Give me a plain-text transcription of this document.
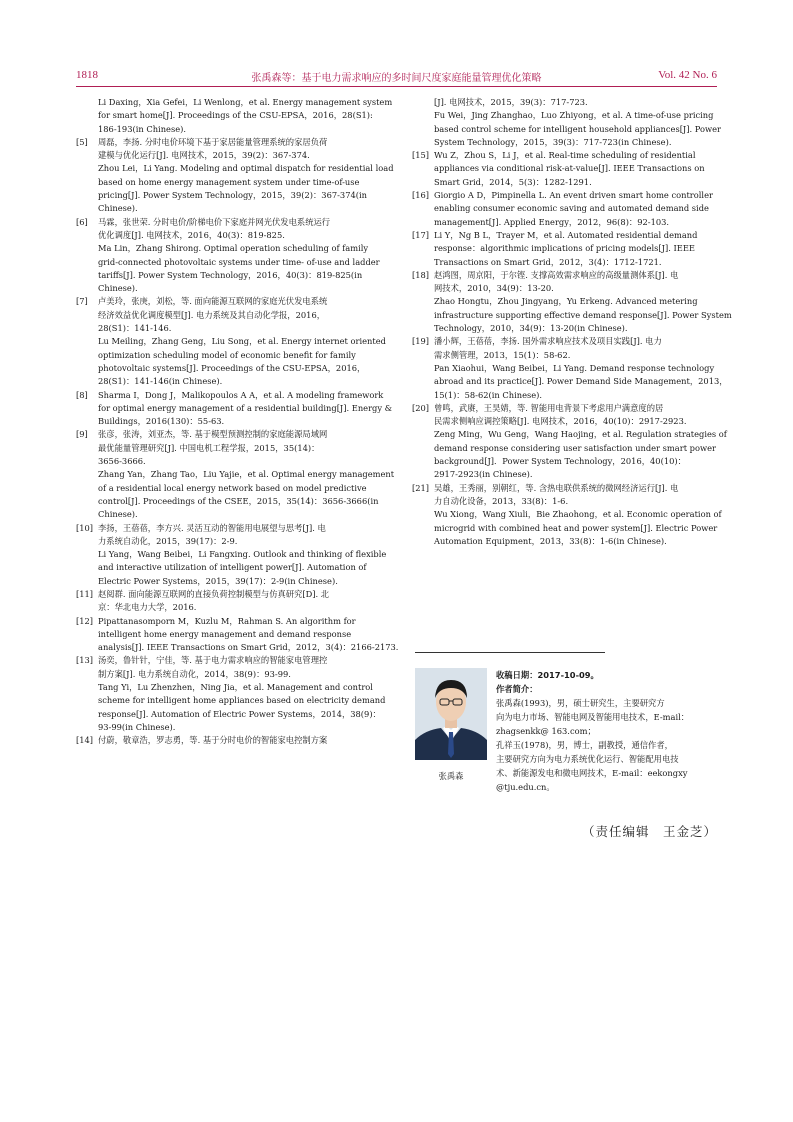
1818	张禹森等：基于电力需求响应的多时间尺度家庭能量管理优化策略	Vol. 42 No. 6
Li Daxing，Xia Gefei，Li Wenlong，et al. Energy management system
for smart home[J]. Proceedings of the CSU-EPSA，2016，28(S1):
186-193(in Chinese).
[5]	周磊，李扬. 分时电价环境下基于家居能量管理系统的家居负荷
建模与优化运行[J]. 电网技术，2015，39(2)：367-374.
Zhou Lei，Li Yang. Modeling and optimal dispatch for residential load
based on home energy management system under time-of-use
pricing[J]. Power System Technology，2015，39(2)：367-374(in
Chinese).
[6]	马霖，张世荣. 分时电价/阶梯电价下家庭并网光伏发电系统运行
优化调度[J]. 电网技术，2016，40(3)：819-825.
Ma Lin，Zhang Shirong. Optimal operation scheduling of family
grid-connected photovoltaic systems under time- of-use and ladder
tariffs[J]. Power System Technology，2016，40(3)：819-825(in
Chinese).
[7]	卢美玲，张庚，刘松，等. 面向能源互联网的家庭光伏发电系统
经济效益优化调度模型[J]. 电力系统及其自动化学报，2016，
28(S1)：141-146.
Lu Meiling，Zhang Geng，Liu Song，et al. Energy internet oriented
optimization scheduling model of economic benefit for family
photovoltaic systems[J]. Proceedings of the CSU-EPSA，2016，
28(S1)：141-146(in Chinese).
[8]	Sharma I，Dong J，Malikopoulos A A，et al. A modeling framework
for optimal energy management of a residential building[J]. Energy &
Buildings，2016(130)：55-63.
[9]	张彦，张涛，刘亚杰，等. 基于模型预测控制的家庭能源局域网
最优能量管理研究[J]. 中国电机工程学报，2015，35(14)：
3656-3666.
Zhang Yan，Zhang Tao，Liu Yajie，et al. Optimal energy management
of a residential local energy network based on model predictive
control[J]. Proceedings of the CSEE，2015，35(14)：3656-3666(in
Chinese).
[10] 李扬，王蓓蓓，李方兴. 灵活互动的智能用电展望与思考[J]. 电
力系统自动化，2015，39(17)：2-9.
Li Yang，Wang Beibei，Li Fangxing. Outlook and thinking of flexible
and interactive utilization of intelligent power[J]. Automation of
Electric Power Systems，2015，39(17)：2-9(in Chinese).
[11] 赵阅群. 面向能源互联网的直接负荷控制模型与仿真研究[D]. 北
京：华北电力大学，2016.
[12] Pipattanasomporn M，Kuzlu M，Rahman S. An algorithm for
intelligent home energy management and demand response
analysis[J]. IEEE Transactions on Smart Grid，2012，3(4)：2166-2173.
[13] 汤奕，鲁针针，宁佳，等. 基于电力需求响应的智能家电管理控
制方案[J]. 电力系统自动化，2014，38(9)：93-99.
Tang Yi，Lu Zhenzhen，Ning Jia，et al. Management and control
scheme for intelligent home appliances based on electricity demand
response[J]. Automation of Electric Power Systems，2014，38(9)：
93-99(in Chinese).
[14] 付蔚，敬章浩，罗志勇，等. 基于分时电价的智能家电控制方案
[J]. 电网技术，2015，39(3)：717-723.
Fu Wei，Jing Zhanghao，Luo Zhiyong，et al. A time-of-use pricing
based control scheme for intelligent household appliances[J]. Power
System Technology，2015，39(3)：717-723(in Chinese).
[15] Wu Z，Zhou S，Li J，et al. Real-time scheduling of residential
appliances via conditional risk-at-value[J]. IEEE Transactions on
Smart Grid，2014，5(3)：1282-1291.
[16] Giorgio A D，Pimpinella L. An event driven smart home controller
enabling consumer economic saving and automated demand side
management[J]. Applied Energy，2012，96(8)：92-103.
[17] Li Y，Ng B L，Trayer M，et al. Automated residential demand
response：algorithmic implications of pricing models[J]. IEEE
Transactions on Smart Grid，2012，3(4)：1712-1721.
[18] 赵鸿图，周京阳，于尔铿. 支撑高效需求响应的高级量测体系[J]. 电
网技术，2010，34(9)：13-20.
Zhao Hongtu，Zhou Jingyang，Yu Erkeng. Advanced metering
infrastructure supporting effective demand response[J]. Power System
Technology，2010，34(9)：13-20(in Chinese).
[19] 潘小辉，王蓓蓓，李扬. 国外需求响应技术及项目实践[J]. 电力
需求侧管理，2013，15(1)：58-62.
Pan Xiaohui，Wang Beibei，Li Yang. Demand response technology
abroad and its practice[J]. Power Demand Side Management，2013，
15(1)：58-62(in Chinese).
[20] 曾鸣，武赓，王昊婧，等. 智能用电背景下考虑用户满意度的居
民需求侧响应调控策略[J]. 电网技术，2016，40(10)：2917-2923.
Zeng Ming，Wu Geng，Wang Haojing，et al. Regulation strategies of
demand response considering user satisfaction under smart power
background[J]．Power System Technology，2016，40(10)：
2917-2923(in Chinese).
[21] 吴雄，王秀丽，别朝红，等. 含热电联供系统的微网经济运行[J]. 电
力自动化设备，2013，33(8)：1-6.
Wu Xiong，Wang Xiuli，Bie Zhaohong，et al. Economic operation of
microgrid with combined heat and power system[J]. Electric Power
Automation Equipment，2013，33(8)：1-6(in Chinese).
张禹森
收稿日期：2017-10-09。
作者简介：
张禹森(1993)，男，硕士研究生，主要研究方
向为电力市场、智能电网及智能用电技术，E-mail：
zhagsenkk@ 163.com；
孔祥玉(1978)，男，博士，副教授，通信作者，
主要研究方向为电力系统优化运行、智能配用电技
术、新能源发电和微电网技术，E-mail：eekongxy
@tju.edu.cn。
（责任编辑　王金芝）
